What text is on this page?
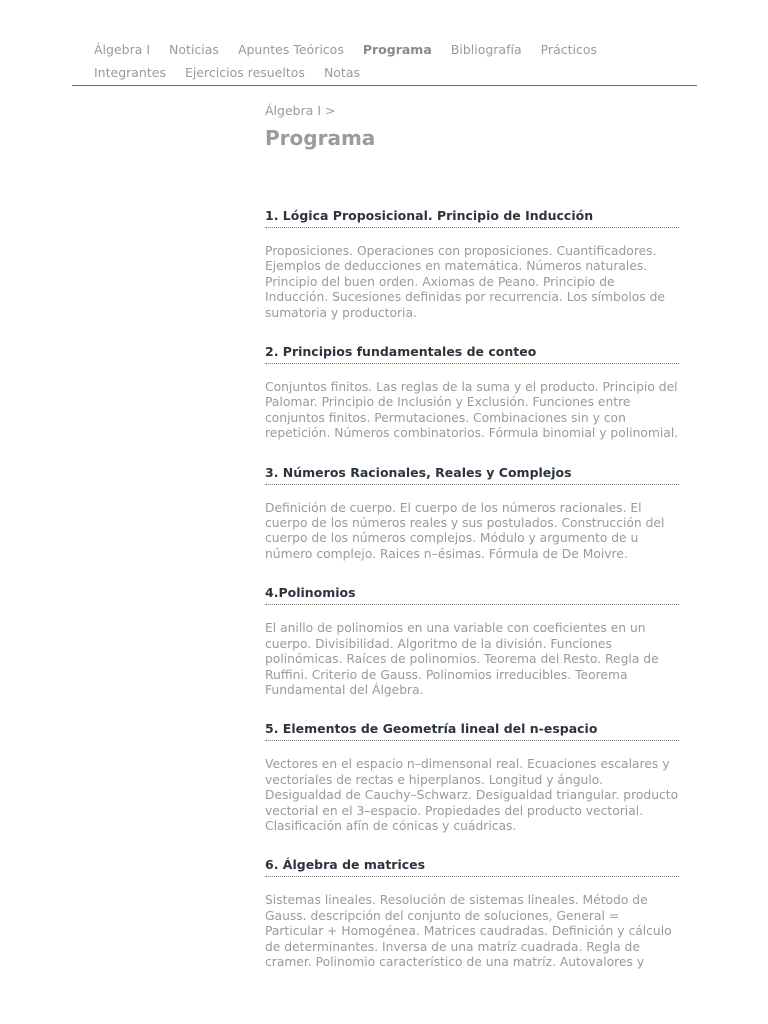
Álgebra I Noticias Apuntes Teóricos Programa Bibliografía Prácticos
Integrantes Ejercicios resueltos Notas
Álgebra I >
Programa
1. Lógica Proposicional. Principio de Inducción
Proposiciones. Operaciones con proposiciones. Cuantificadores. Ejemplos de deducciones en matemática. Números naturales. Principio del buen orden. Axiomas de Peano. Principio de Inducción. Sucesiones definidas por recurrencia. Los símbolos de sumatoria y productoria.
2. Principios fundamentales de conteo
Conjuntos finitos. Las reglas de la suma y el producto. Principio del Palomar. Principio de Inclusión y Exclusión. Funciones entre conjuntos finitos. Permutaciones. Combinaciones sin y con repetición. Números combinatorios. Fórmula binomial y polinomial.
3. Números Racionales, Reales y Complejos
Definición de cuerpo. El cuerpo de los números racionales. El cuerpo de los números reales y sus postulados. Construcción del cuerpo de los números complejos. Módulo y argumento de u número complejo. Raices n–ésimas. Fórmula de De Moivre.
4.Polinomios
El anillo de polinomios en una variable con coeficientes en un cuerpo. Divisibilidad. Algoritmo de la división. Funciones polinómicas. Raíces de polinomios. Teorema del Resto. Regla de Ruffini. Criterio de Gauss. Polinomios irreducibles. Teorema Fundamental del Álgebra.
5. Elementos de Geometría lineal del n-espacio
Vectores en el espacio n–dimensonal real. Ecuaciones escalares y vectoriales de rectas e hiperplanos. Longitud y ángulo. Desigualdad de Cauchy–Schwarz. Desigualdad triangular. producto vectorial en el 3–espacio. Propiedades del producto vectorial. Clasificación afín de cónicas y cuádricas.
6. Álgebra de matrices
Sistemas lineales. Resolución de sistemas lineales. Método de Gauss. descripción del conjunto de soluciones, General = Particular + Homogénea. Matrices caudradas. Definición y cálculo de determinantes. Inversa de una matríz cuadrada. Regla de cramer. Polinomio característico de una matríz. Autovalores y
